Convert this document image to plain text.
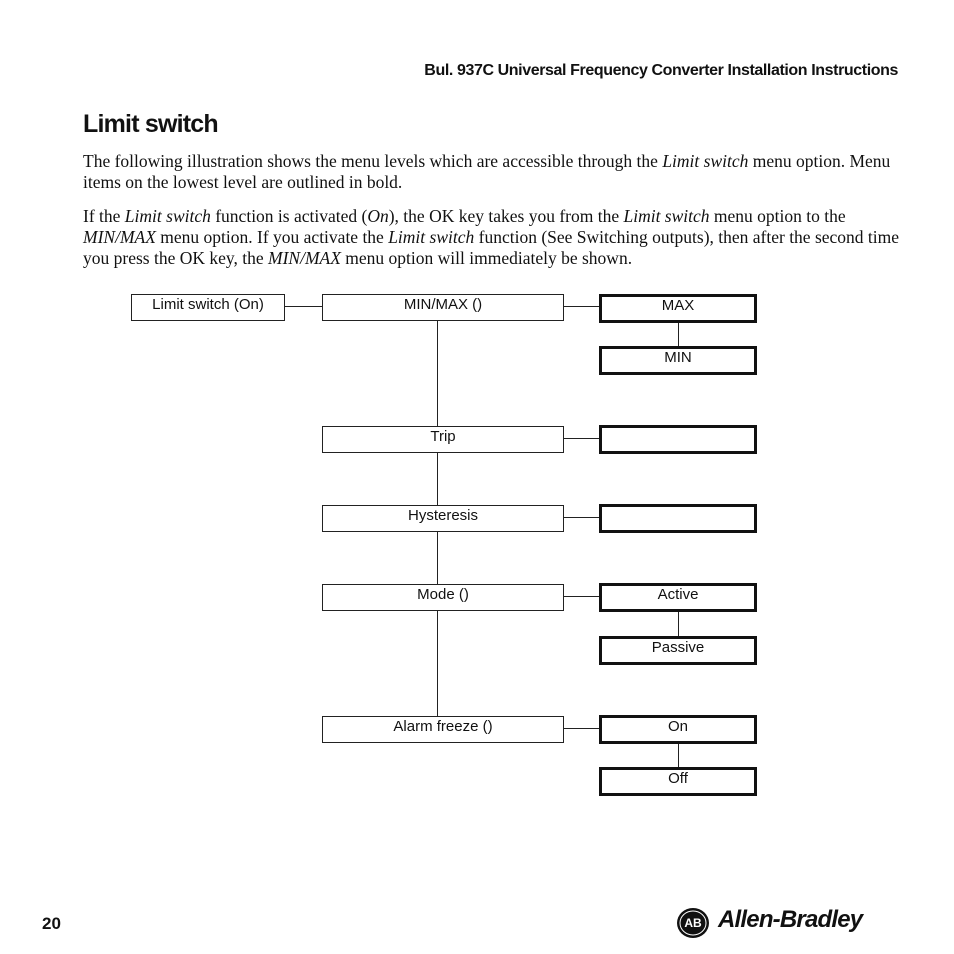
Bul. 937C Universal Frequency Converter Installation Instructions
Limit switch

The following illustration shows the menu levels which are accessible through the Limit switch menu option. Menu items on the lowest level are outlined in bold.

If the Limit switch function is activated (On), the OK key takes you from the Limit switch menu option to the MIN/MAX menu option. If you activate the Limit switch function (See Switching outputs), then after the second time you press the OK key, the MIN/MAX menu option will immediately be shown.

Limit switch (On)	MIN/MAX ()
Trip
Hysteresis
Mode ()
Alarm freeze ()
MAX
MIN
Active
Passive
On
Off
20	AB Allen-Bradley
